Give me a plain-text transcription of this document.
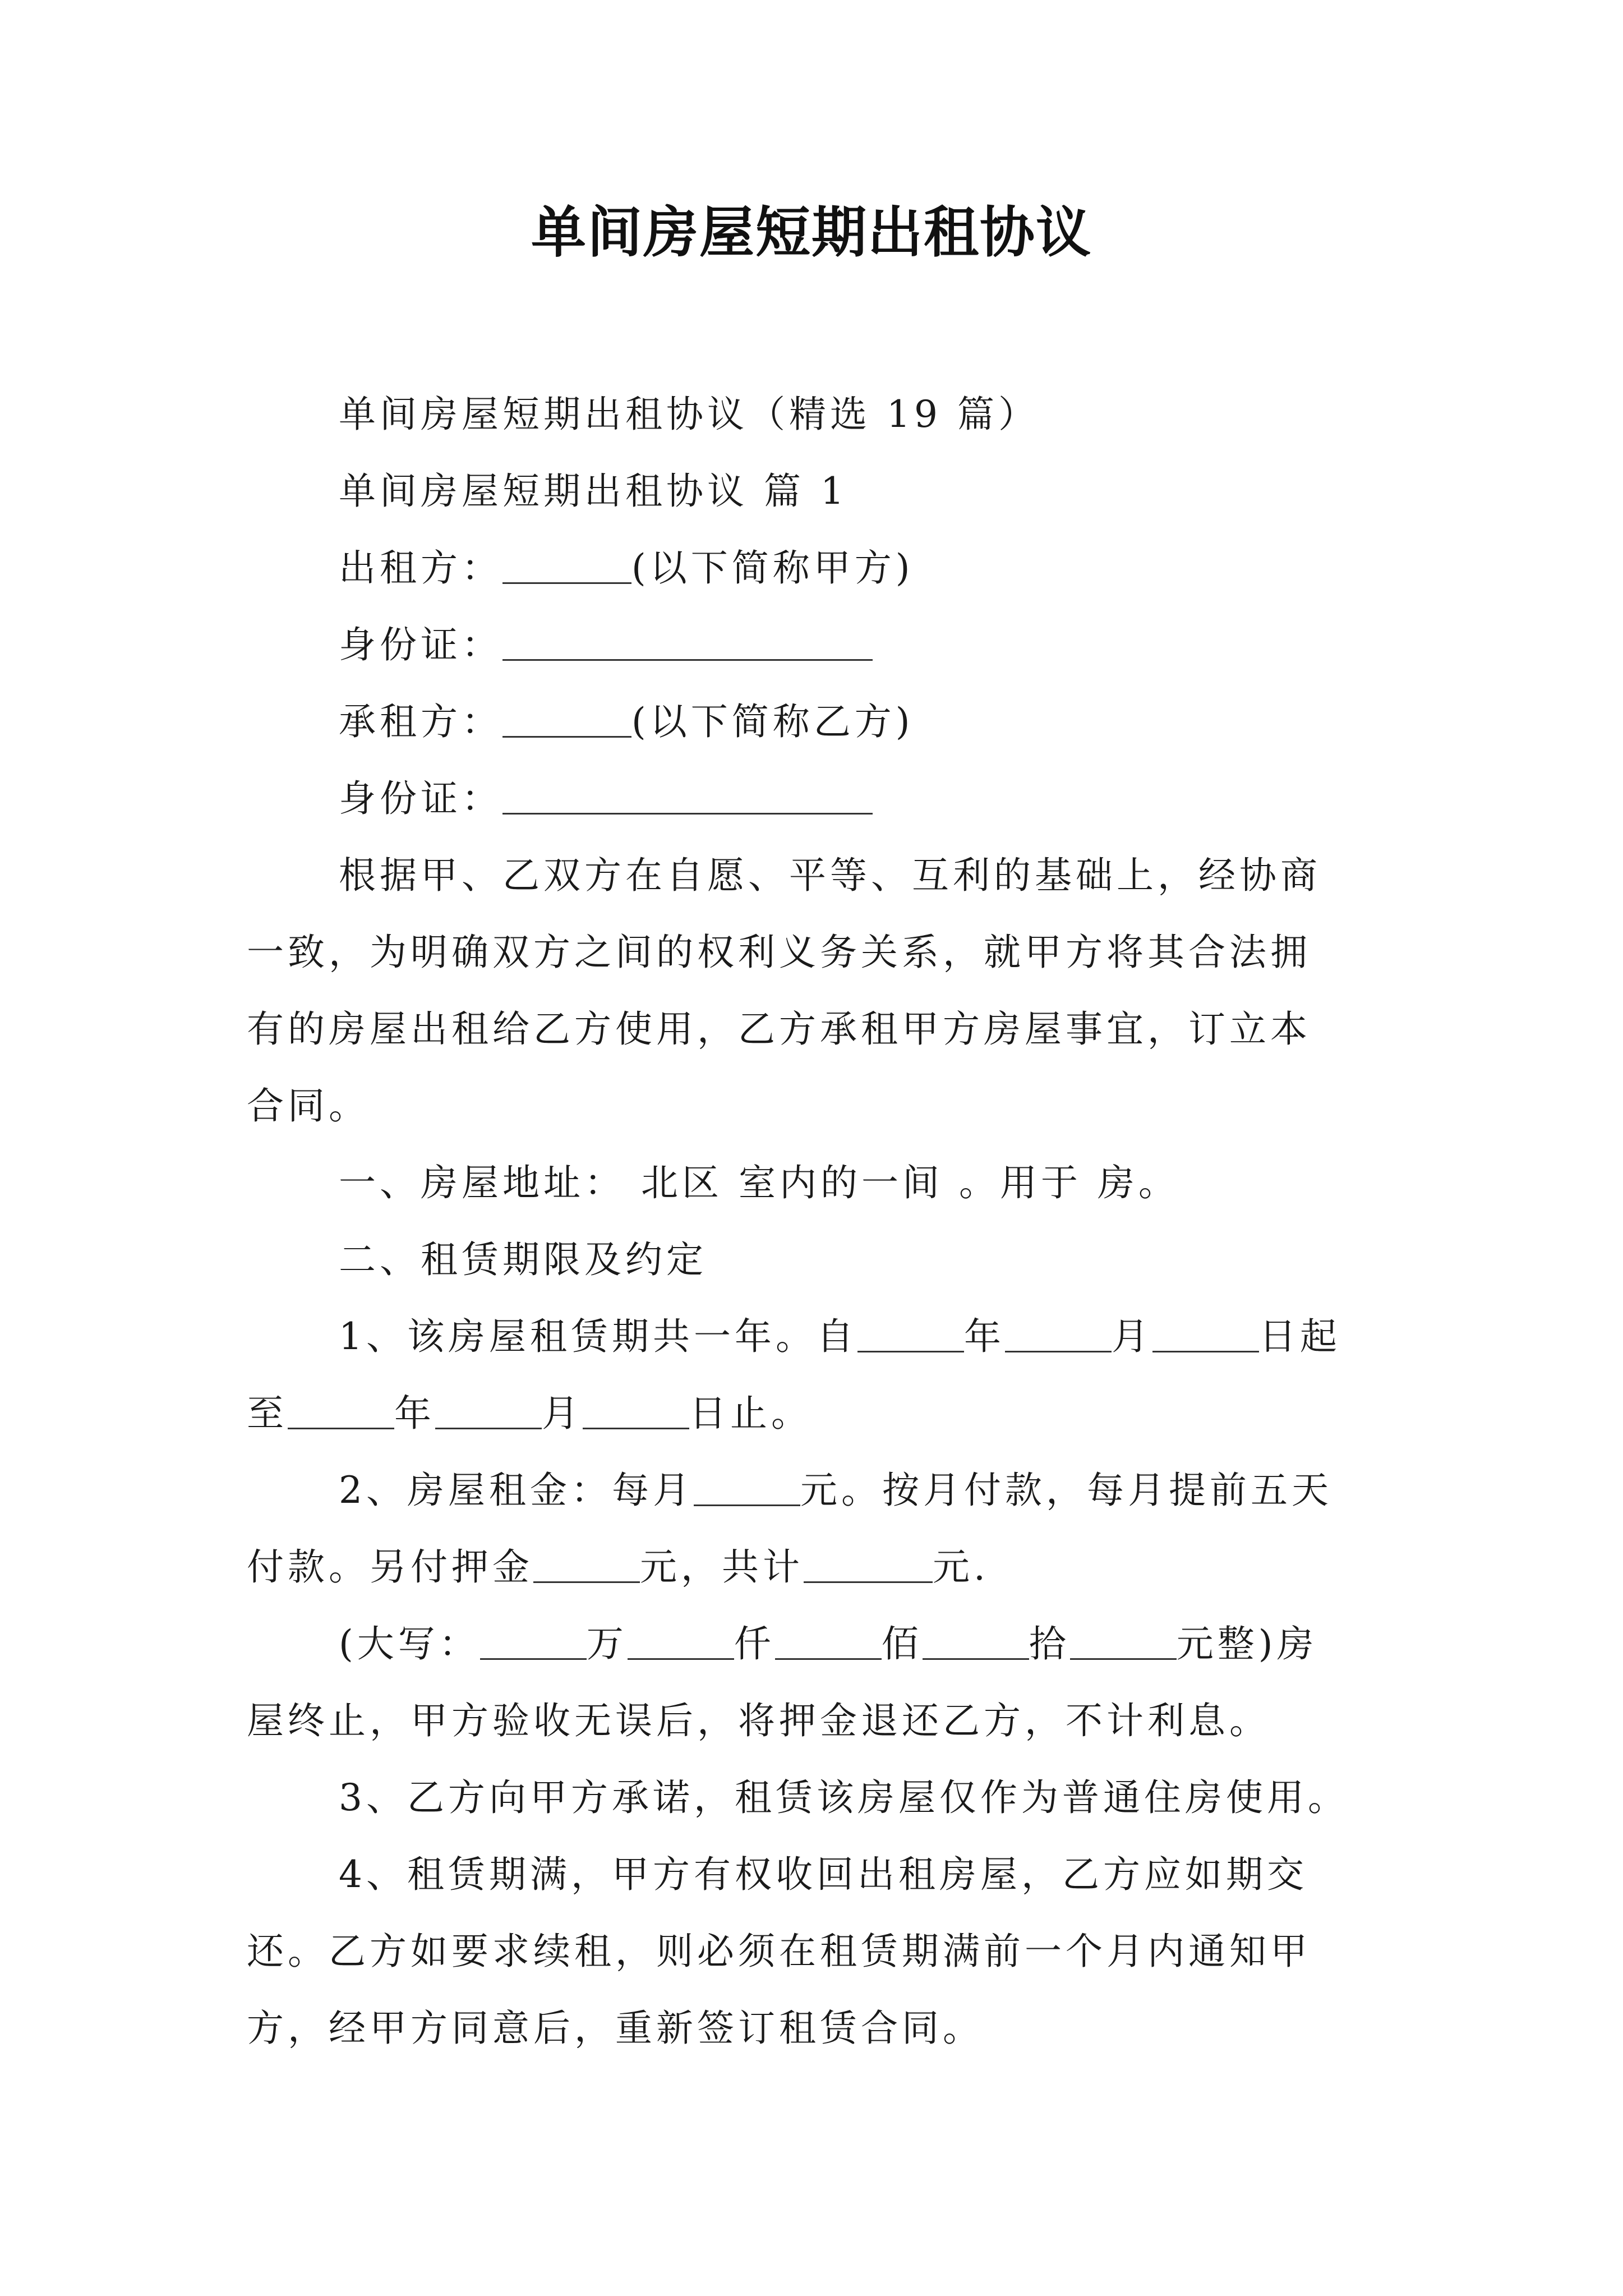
单间房屋短期出租协议
单间房屋短期出租协议（精选 19 篇）
单间房屋短期出租协议 篇 1
出租方：	(以下简称甲方)
身份证：
承租方：	(以下简称乙方)
身份证：
根据甲、乙双方在自愿、平等、互利的基础上，经协商
一致，为明确双方之间的权利义务关系，就甲方将其合法拥
有的房屋出租给乙方使用，乙方承租甲方房屋事宜，订立本
合同。
一、房屋地址： 北区 室内的一间 。用于 房。
二、租赁期限及约定
1、该房屋租赁期共一年。自	年	月	日起
至	年	月	日止。
2、房屋租金：每月	元。按月付款，每月提前五天
付款。另付押金	元，共计	元.
(大写：	万	仟	佰	拾	元整)房
屋终止，甲方验收无误后，将押金退还乙方，不计利息。
3、乙方向甲方承诺，租赁该房屋仅作为普通住房使用。
4、租赁期满，甲方有权收回出租房屋，乙方应如期交
还。乙方如要求续租，则必须在租赁期满前一个月内通知甲
方，经甲方同意后，重新签订租赁合同。
